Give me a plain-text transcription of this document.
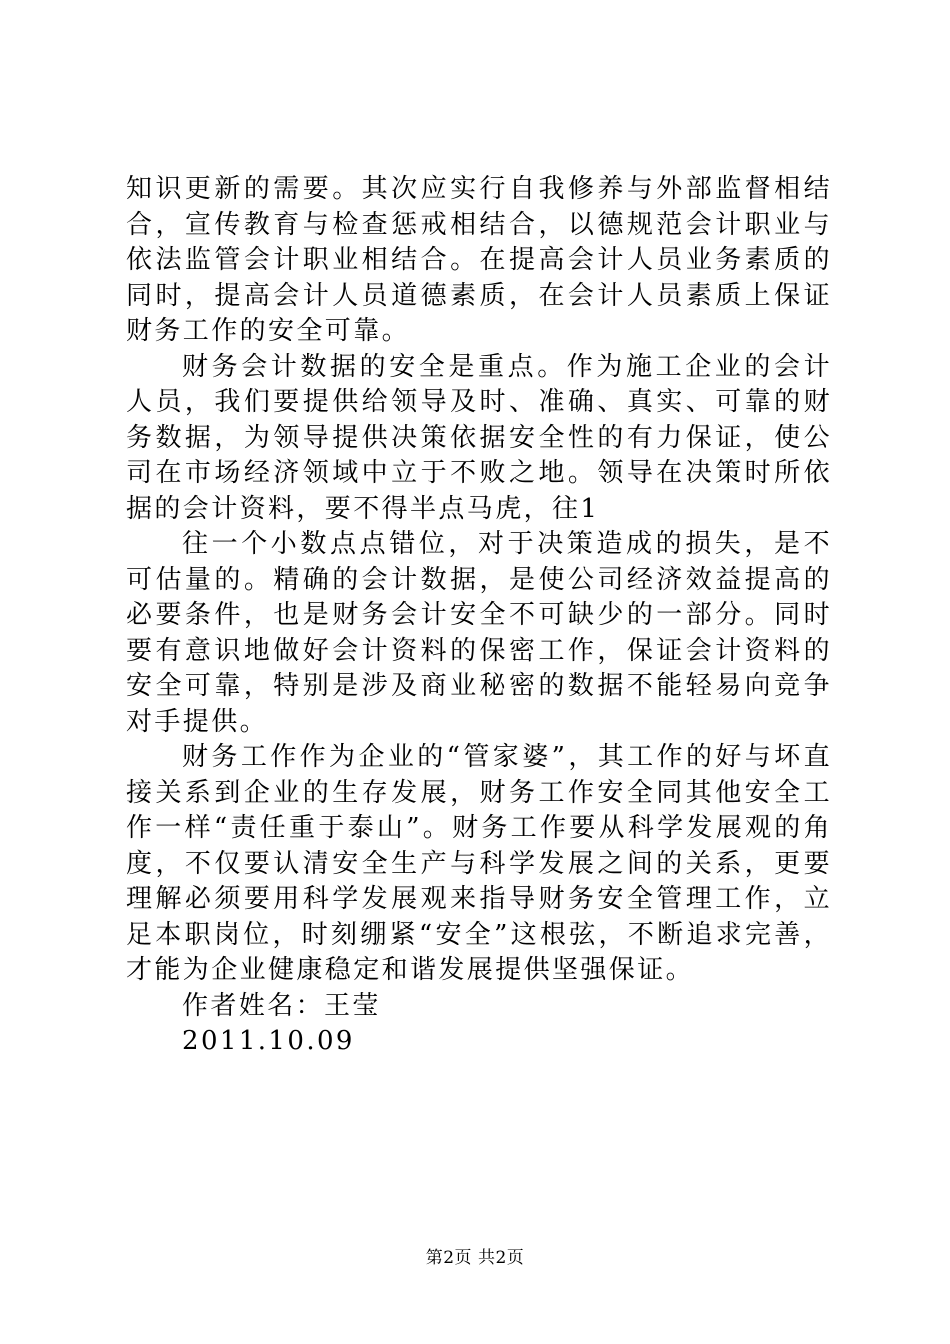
知识更新的需要。其次应实行自我修养与外部监督相结合，宣传教育与检查惩戒相结合，以德规范会计职业与依法监管会计职业相结合。在提高会计人员业务素质的同时，提高会计人员道德素质，在会计人员素质上保证财务工作的安全可靠。

财务会计数据的安全是重点。作为施工企业的会计人员，我们要提供给领导及时、准确、真实、可靠的财务数据，为领导提供决策依据安全性的有力保证，使公司在市场经济领域中立于不败之地。领导在决策时所依据的会计资料，要不得半点马虎，往1

往一个小数点点错位，对于决策造成的损失，是不可估量的。精确的会计数据，是使公司经济效益提高的必要条件，也是财务会计安全不可缺少的一部分。同时要有意识地做好会计资料的保密工作，保证会计资料的安全可靠，特别是涉及商业秘密的数据不能轻易向竞争对手提供。

财务工作作为企业的“管家婆”，其工作的好与坏直接关系到企业的生存发展，财务工作安全同其他安全工作一样“责任重于泰山”。财务工作要从科学发展观的角度，不仅要认清安全生产与科学发展之间的关系，更要理解必须要用科学发展观来指导财务安全管理工作，立足本职岗位，时刻绷紧“安全”这根弦，不断追求完善，才能为企业健康稳定和谐发展提供坚强保证。

作者姓名：王莹

2011.10.09

第2页 共2页
